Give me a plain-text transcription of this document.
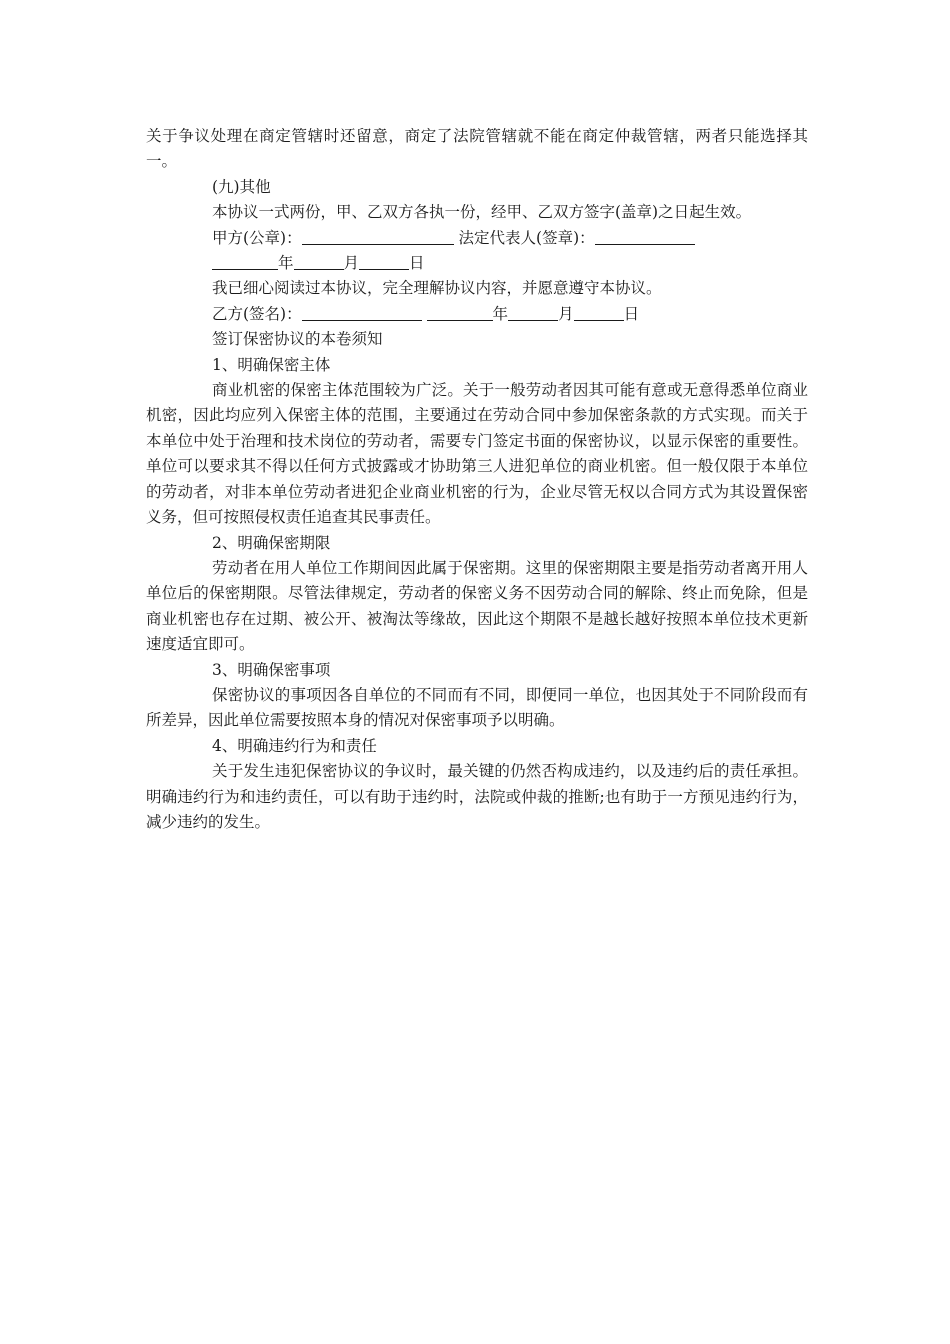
关于争议处理在商定管辖时还留意，商定了法院管辖就不能在商定仲裁管辖，两者只能选择其一。

(九)其他

本协议一式两份，甲、乙双方各执一份，经甲、乙双方签字(盖章)之日起生效。

甲方(公章)：	法定代表人(签章)：

年	月	日

我已细心阅读过本协议，完全理解协议内容，并愿意遵守本协议。

乙方(签名)：	年	月	日

签订保密协议的本卷须知

1、明确保密主体

商业机密的保密主体范围较为广泛。关于一般劳动者因其可能有意或无意得悉单位商业机密，因此均应列入保密主体的范围，主要通过在劳动合同中参加保密条款的方式实现。而关于本单位中处于治理和技术岗位的劳动者，需要专门签定书面的保密协议，以显示保密的重要性。单位可以要求其不得以任何方式披露或才协助第三人进犯单位的商业机密。但一般仅限于本单位的劳动者，对非本单位劳动者进犯企业商业机密的行为，企业尽管无权以合同方式为其设置保密义务，但可按照侵权责任追查其民事责任。

2、明确保密期限

劳动者在用人单位工作期间因此属于保密期。这里的保密期限主要是指劳动者离开用人单位后的保密期限。尽管法律规定，劳动者的保密义务不因劳动合同的解除、终止而免除，但是商业机密也存在过期、被公开、被淘汰等缘故，因此这个期限不是越长越好按照本单位技术更新速度适宜即可。

3、明确保密事项

保密协议的事项因各自单位的不同而有不同，即便同一单位，也因其处于不同阶段而有所差异，因此单位需要按照本身的情况对保密事项予以明确。

4、明确违约行为和责任

关于发生违犯保密协议的争议时，最关键的仍然否构成违约，以及违约后的责任承担。明确违约行为和违约责任，可以有助于违约时，法院或仲裁的推断;也有助于一方预见违约行为，减少违约的发生。
